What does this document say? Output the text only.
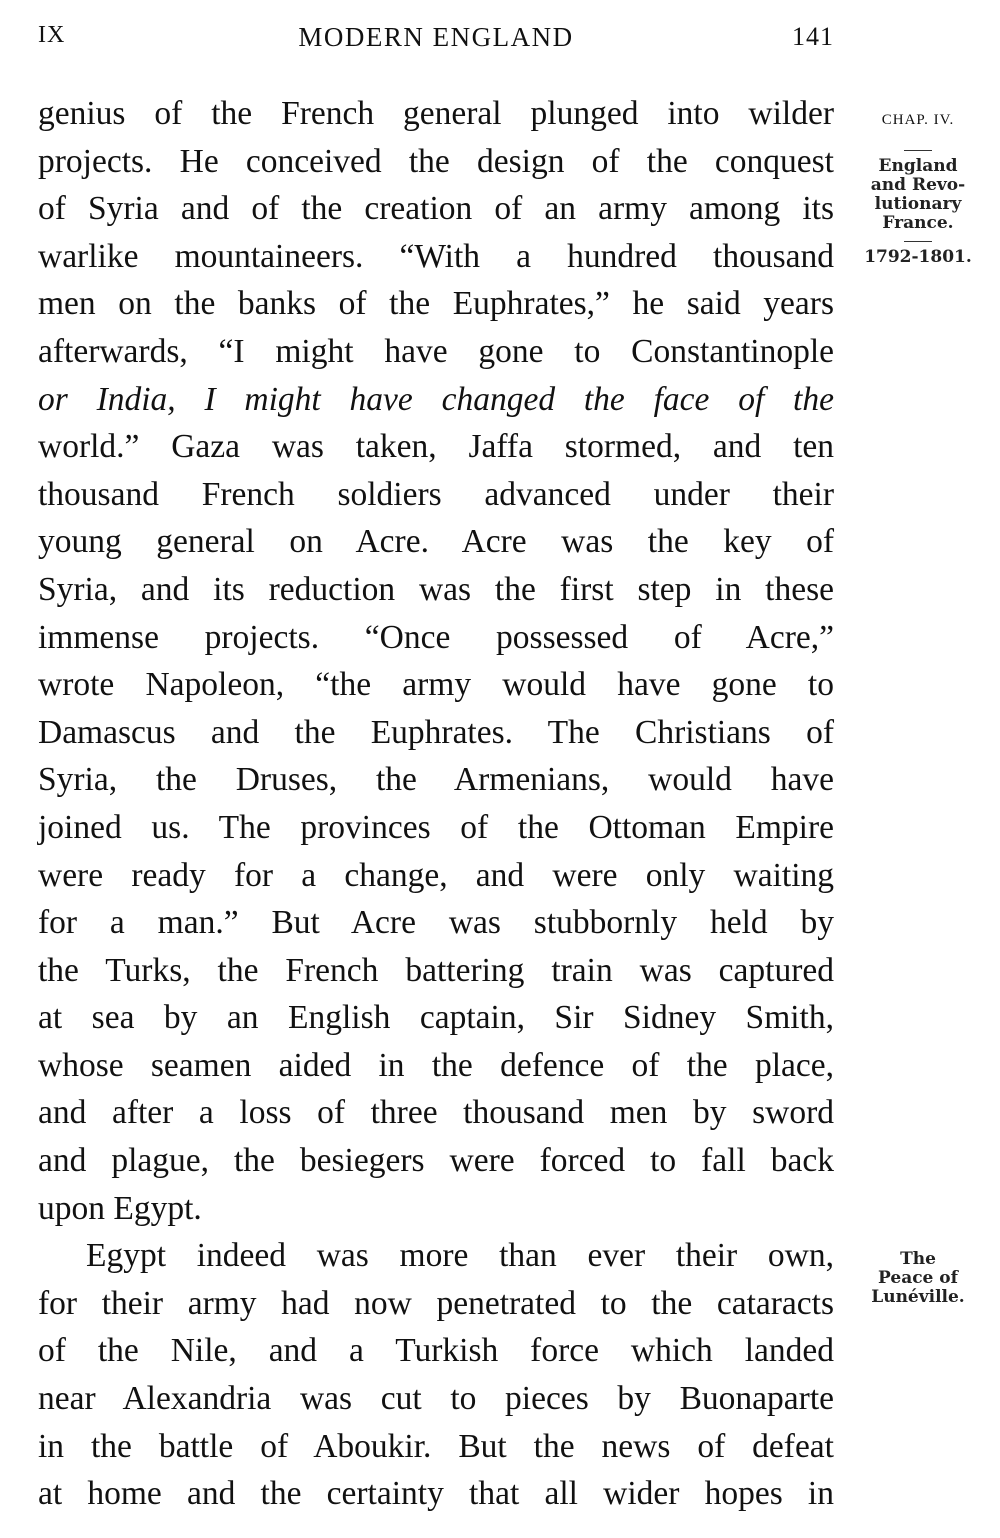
IX	MODERN ENGLAND	141
CHAP. IV.
England
and Revo-
lutionary
France.
1792-1801.
The
Peace of
Lunéville.
genius of the French general plunged into wilder
projects. He conceived the design of the conquest
of Syria and of the creation of an army among its
warlike mountaineers. “With a hundred thousand
men on the banks of the Euphrates,” he said years
afterwards, “I might have gone to Constantinople
or India, I might have changed the face of the
world.” Gaza was taken, Jaffa stormed, and ten
thousand French soldiers advanced under their
young general on Acre. Acre was the key of
Syria, and its reduction was the first step in these
immense projects. “Once possessed of Acre,”
wrote Napoleon, “the army would have gone to
Damascus and the Euphrates. The Christians of
Syria, the Druses, the Armenians, would have
joined us. The provinces of the Ottoman Empire
were ready for a change, and were only waiting
for a man.” But Acre was stubbornly held by
the Turks, the French battering train was captured
at sea by an English captain, Sir Sidney Smith,
whose seamen aided in the defence of the place,
and after a loss of three thousand men by sword
and plague, the besiegers were forced to fall back
upon Egypt.
Egypt indeed was more than ever their own,
for their army had now penetrated to the cataracts
of the Nile, and a Turkish force which landed
near Alexandria was cut to pieces by Buonaparte
in the battle of Aboukir. But the news of defeat
at home and the certainty that all wider hopes in
